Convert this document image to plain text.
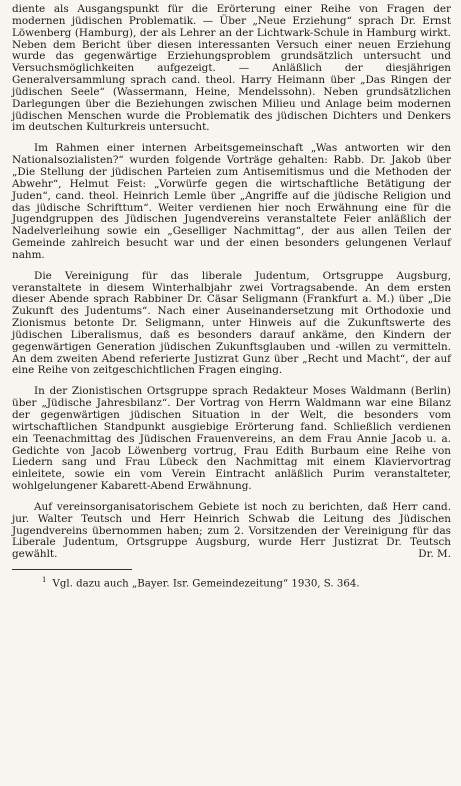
diente als Ausgangspunkt für die Erörterung einer Reihe von Fragen der modernen jüdischen Problematik. — Über „Neue Erziehung“ sprach Dr. Ernst Löwenberg (Hamburg), der als Lehrer an der Lichtwark-Schule in Hamburg wirkt. Neben dem Bericht über diesen interessanten Versuch einer neuen Erziehung wurde das gegenwärtige Erziehungsproblem grundsätzlich untersucht und Versuchsmöglichkeiten aufgezeigt. — Anläßlich der diesjährigen Generalversammlung sprach cand. theol. Harry Heimann über „Das Ringen der jüdischen Seele“ (Wassermann, Heine, Mendelssohn). Neben grundsätzlichen Darlegungen über die Beziehungen zwischen Milieu und Anlage beim modernen jüdischen Menschen wurde die Problematik des jüdischen Dichters und Denkers im deutschen Kulturkreis untersucht.

Im Rahmen einer internen Arbeitsgemeinschaft „Was antworten wir den Nationalsozialisten?“ wurden folgende Vorträge gehalten: Rabb. Dr. Jakob über „Die Stellung der jüdischen Parteien zum Antisemitismus und die Methoden der Abwehr“, Helmut Feist: „Vorwürfe gegen die wirtschaftliche Betätigung der Juden“, cand. theol. Heinrich Lemle über „Angriffe auf die jüdische Religion und das jüdische Schrifttum“. Weiter verdienen hier noch Erwähnung eine für die Jugendgruppen des Jüdischen Jugendvereins veranstaltete Feier anläßlich der Nadelverleihung sowie ein „Geselliger Nachmittag“, der aus allen Teilen der Gemeinde zahlreich besucht war und der einen besonders gelungenen Verlauf nahm.

Die Vereinigung für das liberale Judentum, Ortsgruppe Augsburg, veranstaltete in diesem Winterhalbjahr zwei Vortragsabende. An dem ersten dieser Abende sprach Rabbiner Dr. Cäsar Seligmann (Frankfurt a. M.) über „Die Zukunft des Judentums“. Nach einer Auseinandersetzung mit Orthodoxie und Zionismus betonte Dr. Seligmann, unter Hinweis auf die Zukunftswerte des jüdischen Liberalismus, daß es besonders darauf ankäme, den Kindern der gegenwärtigen Generation jüdischen Zukunftsglauben und -willen zu vermitteln. An dem zweiten Abend referierte Justizrat Gunz über „Recht und Macht“, der auf eine Reihe von zeitgeschichtlichen Fragen einging.

In der Zionistischen Ortsgruppe sprach Redakteur Moses Waldmann (Berlin) über „Jüdische Jahresbilanz“. Der Vortrag von Herrn Waldmann war eine Bilanz der gegenwärtigen jüdischen Situation in der Welt, die besonders vom wirtschaftlichen Standpunkt ausgiebige Erörterung fand. Schließlich verdienen ein Teenachmittag des Jüdischen Frauenvereins, an dem Frau Annie Jacob u. a. Gedichte von Jacob Löwenberg vortrug, Frau Edith Burbaum eine Reihe von Liedern sang und Frau Lübeck den Nachmittag mit einem Klaviervortrag einleitete, sowie ein vom Verein Eintracht anläßlich Purim veranstalteter, wohlgelungener Kabarett-Abend Erwähnung.

Auf vereinsorganisatorischem Gebiete ist noch zu berichten, daß Herr cand. jur. Walter Teutsch und Herr Heinrich Schwab die Leitung des Jüdischen Jugendvereins übernommen haben; zum 2. Vorsitzenden der Vereinigung für das Liberale Judentum, Ortsgruppe Augsburg, wurde Herr Justizrat Dr. Teutsch gewählt.	Dr. M.

$^1$ Vgl. dazu auch „Bayer. Isr. Gemeindezeitung“ 1930, S. 364.
